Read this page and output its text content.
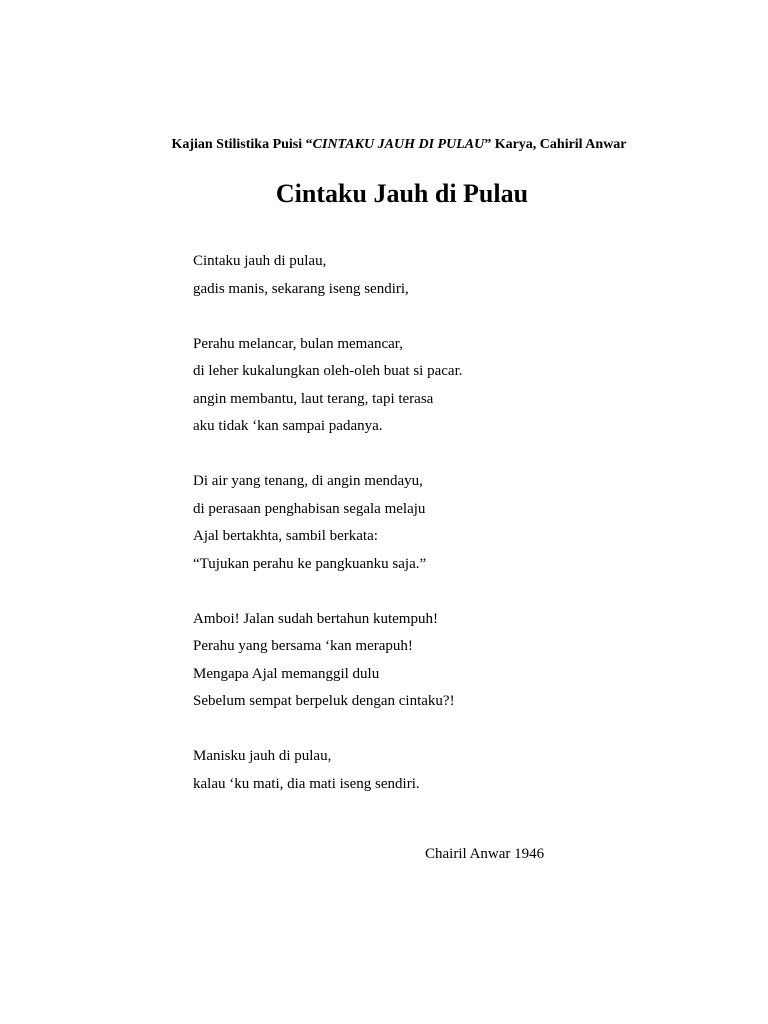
Kajian Stilistika Puisi “CINTAKU JAUH DI PULAU” Karya, Cahiril Anwar
Cintaku Jauh di Pulau
Cintaku jauh di pulau,
gadis manis, sekarang iseng sendiri,
Perahu melancar, bulan memancar,
di leher kukalungkan oleh-oleh buat si pacar.
angin membantu, laut terang, tapi terasa
aku tidak ‘kan sampai padanya.
Di air yang tenang, di angin mendayu,
di perasaan penghabisan segala melaju
Ajal bertakhta, sambil berkata:
“Tujukan perahu ke pangkuanku saja.”
Amboi! Jalan sudah bertahun kutempuh!
Perahu yang bersama ‘kan merapuh!
Mengapa Ajal memanggil dulu
Sebelum sempat berpeluk dengan cintaku?!
Manisku jauh di pulau,
kalau ‘ku mati, dia mati iseng sendiri.
Chairil Anwar 1946
